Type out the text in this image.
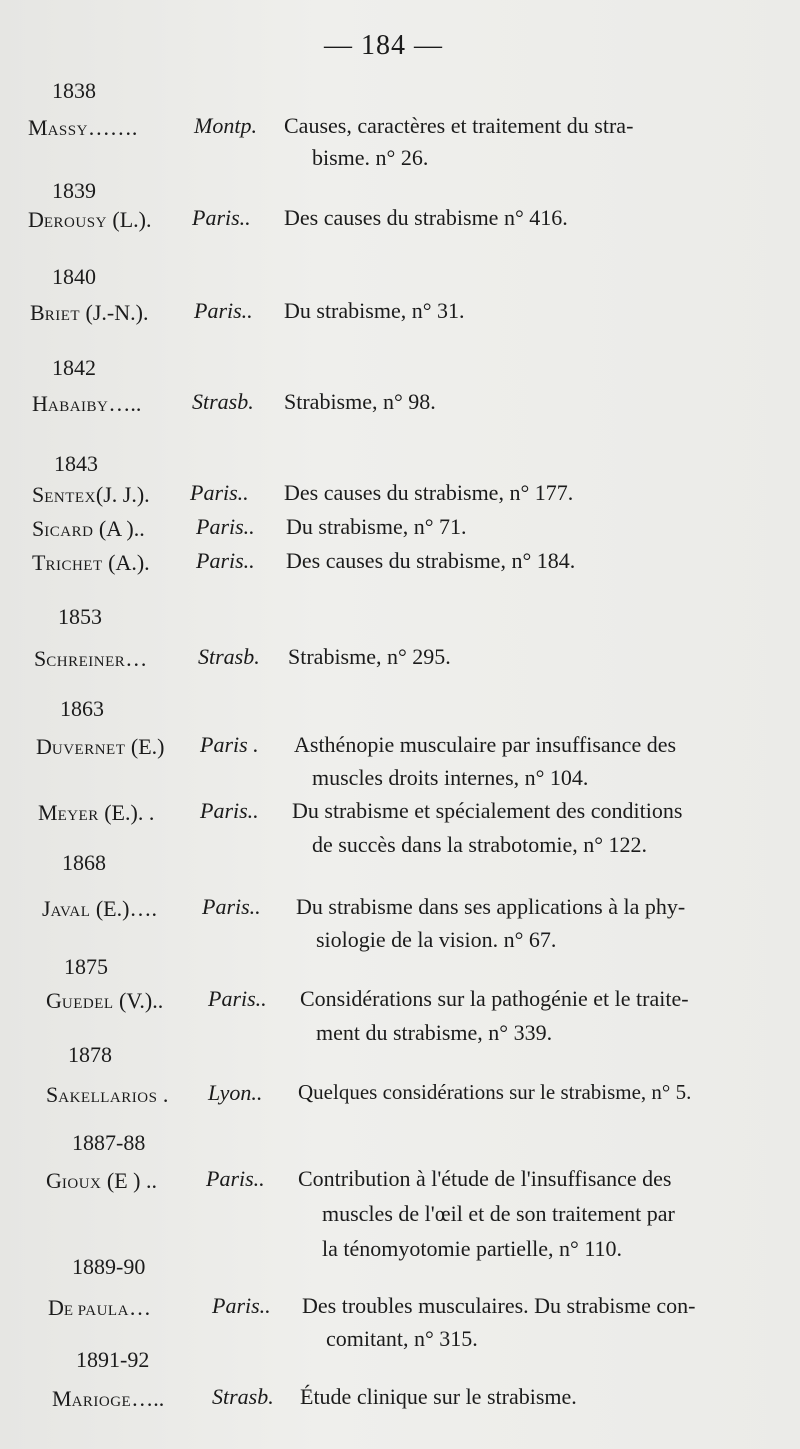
— 184 —
1838
1839
1840
1842
1843
1853
1863
1868
1875
1878
1887-88
1889-90
1891-92
MASSY…….	Montp. Causes, caractères et traitement du stra-
bisme. n° 26.
DEROUSY (L.). Paris.. Des causes du strabisme n° 416.
BRIET (J.-N.). Paris.. Du strabisme, n° 31.
HABAIBY….. Strasb. Strabisme, n° 98.
SENTEX(J. J.). Paris.. Des causes du strabisme, n° 177.
SICARD (A ).. Paris.. Du strabisme, n° 71.
TRICHET (A.). Paris.. Des causes du strabisme, n° 184.
SCHREINER… Strasb. Strabisme, n° 295.
DUVERNET (E.) Paris . Asthénopie musculaire par insuffisance des
muscles droits internes, n° 104.
MEYER (E.). . Paris.. Du strabisme et spécialement des conditions
de succès dans la strabotomie, n° 122.
JAVAL (E.)…. Paris.. Du strabisme dans ses applications à la phy-
siologie de la vision. n° 67.
GUEDEL (V.).. Paris.. Considérations sur la pathogénie et le traite-
ment du strabisme, n° 339.
SAKELLARIOS . Lyon.. Quelques considérations sur le strabisme, n° 5.
GIOUX (E ) .. Paris.. Contribution à l'étude de l'insuffisance des
muscles de l'œil et de son traitement par
la ténomyotomie partielle, n° 110.
DE PAULA…	Paris.. Des troubles musculaires. Du strabisme con-
comitant, n° 315.
MARIOGE….. Strasb. Étude clinique sur le strabisme.
